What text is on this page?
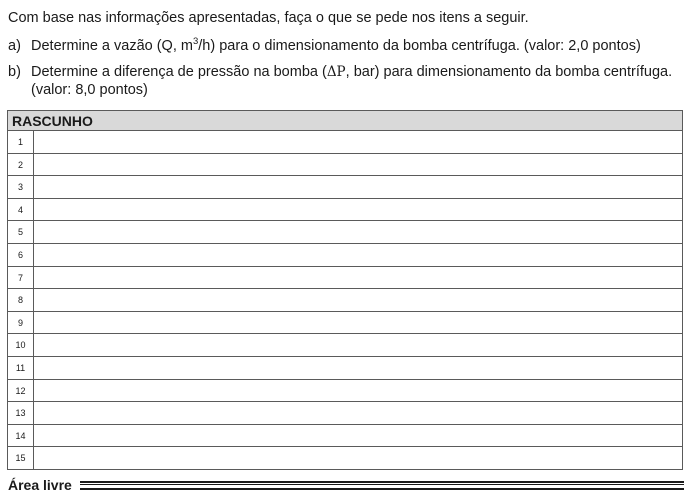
Com base nas informações apresentadas, faça o que se pede nos itens a seguir.
a) Determine a vazão (Q, $m^3/h$) para o dimensionamento da bomba centrífuga. (valor: 2,0 pontos)
b) Determine a diferença de pressão na bomba (ΔP, bar) para dimensionamento da bomba centrífuga.
(valor: 8,0 pontos)
RASCUNHO
1
2
3
4
5
6
7
8
9
10
11
12
13
14
15
Área livre
